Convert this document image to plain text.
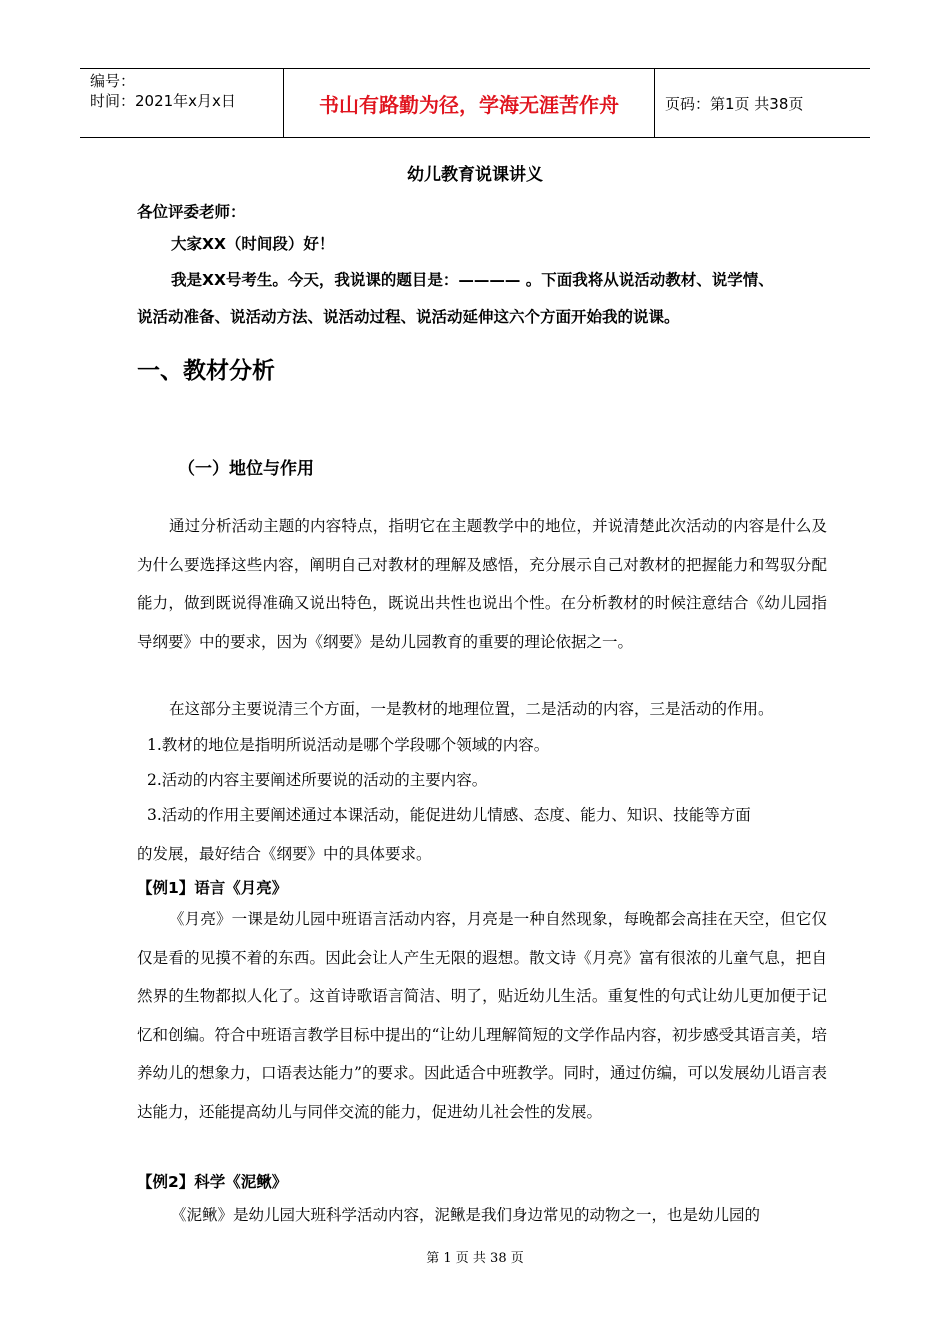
编号：
时间：2021年x月x日	书山有路勤为径，学海无涯苦作舟	页码：第1页 共38页
幼儿教育说课讲义
各位评委老师：
大家XX（时间段）好！
我是XX号考生。今天，我说课的题目是：———— 。下面我将从说活动教材、说学情、
说活动准备、说活动方法、说活动过程、说活动延伸这六个方面开始我的说课。
一、教材分析
（一）地位与作用

通过分析活动主题的内容特点，指明它在主题教学中的地位，并说清楚此次活动的内容是什么及为什么要选择这些内容，阐明自己对教材的理解及感悟，充分展示自己对教材的把握能力和驾驭分配能力，做到既说得准确又说出特色，既说出共性也说出个性。在分析教材的时候注意结合《幼儿园指导纲要》中的要求，因为《纲要》是幼儿园教育的重要的理论依据之一。

在这部分主要说清三个方面，一是教材的地理位置，二是活动的内容，三是活动的作用。

1.教材的地位是指明所说活动是哪个学段哪个领域的内容。
2.活动的内容主要阐述所要说的活动的主要内容。
3.活动的作用主要阐述通过本课活动，能促进幼儿情感、态度、能力、知识、技能等方面
的发展，最好结合《纲要》中的具体要求。
【例1】语言《月亮》

《月亮》一课是幼儿园中班语言活动内容，月亮是一种自然现象，每晚都会高挂在天空，但它仅仅是看的见摸不着的东西。因此会让人产生无限的遐想。散文诗《月亮》富有很浓的儿童气息，把自然界的生物都拟人化了。这首诗歌语言简洁、明了，贴近幼儿生活。重复性的句式让幼儿更加便于记忆和创编。符合中班语言教学目标中提出的“让幼儿理解简短的文学作品内容，初步感受其语言美，培养幼儿的想象力，口语表达能力”的要求。因此适合中班教学。同时，通过仿编，可以发展幼儿语言表达能力，还能提高幼儿与同伴交流的能力，促进幼儿社会性的发展。

【例2】科学《泥鳅》
《泥鳅》是幼儿园大班科学活动内容，泥鳅是我们身边常见的动物之一，也是幼儿园的
第 1 页 共 38 页
